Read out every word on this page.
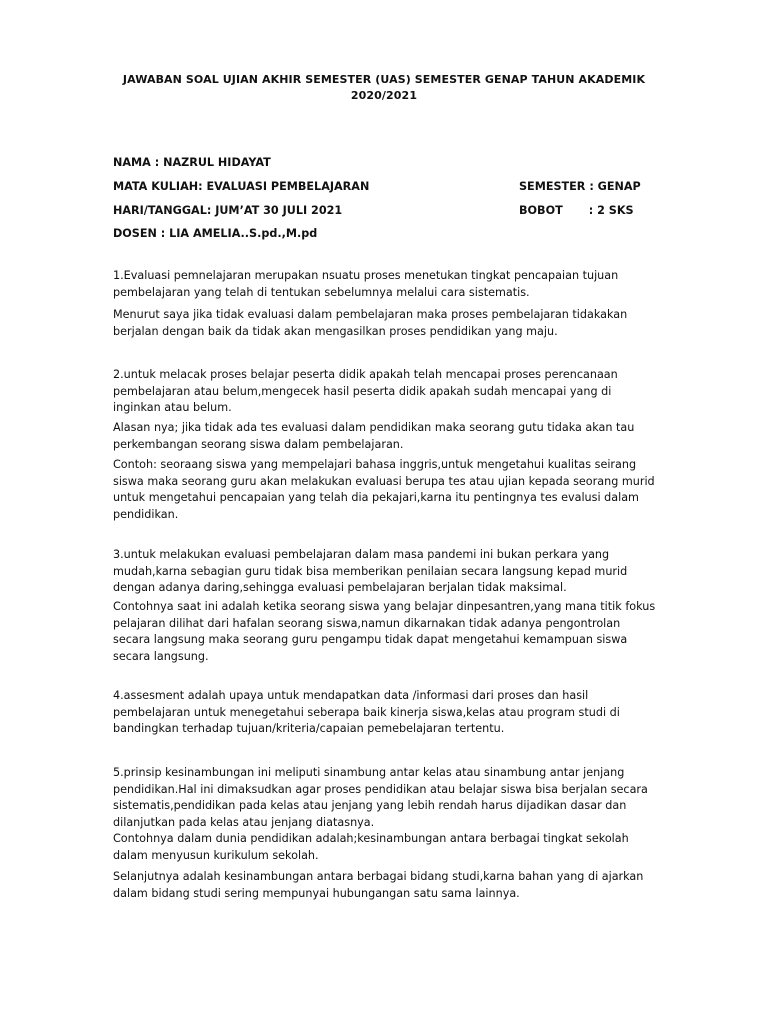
JAWABAN SOAL UJIAN AKHIR SEMESTER (UAS) SEMESTER GENAP TAHUN AKADEMIK
2020/2021
NAMA : NAZRUL HIDAYAT
MATA KULIAH: EVALUASI PEMBELAJARAN	SEMESTER : GENAP
HARI/TANGGAL: JUM’AT 30 JULI 2021	BOBOT : 2 SKS
DOSEN : LIA AMELIA..S.pd.,M.pd
1.Evaluasi pemnelajaran merupakan nsuatu proses menetukan tingkat pencapaian tujuan
pembelajaran yang telah di tentukan sebelumnya melalui cara sistematis.
Menurut saya jika tidak evaluasi dalam pembelajaran maka proses pembelajaran tidakakan
berjalan dengan baik da tidak akan mengasilkan proses pendidikan yang maju.
2.untuk melacak proses belajar peserta didik apakah telah mencapai proses perencanaan
pembelajaran atau belum,mengecek hasil peserta didik apakah sudah mencapai yang di
inginkan atau belum.
Alasan nya; jika tidak ada tes evaluasi dalam pendidikan maka seorang gutu tidaka akan tau
perkembangan seorang siswa dalam pembelajaran.
Contoh: seoraang siswa yang mempelajari bahasa inggris,untuk mengetahui kualitas seirang
siswa maka seorang guru akan melakukan evaluasi berupa tes atau ujian kepada seorang murid
untuk mengetahui pencapaian yang telah dia pekajari,karna itu pentingnya tes evalusi dalam
pendidikan.
3.untuk melakukan evaluasi pembelajaran dalam masa pandemi ini bukan perkara yang
mudah,karna sebagian guru tidak bisa memberikan penilaian secara langsung kepad murid
dengan adanya daring,sehingga evaluasi pembelajaran berjalan tidak maksimal.
Contohnya saat ini adalah ketika seorang siswa yang belajar dinpesantren,yang mana titik fokus
pelajaran dilihat dari hafalan seorang siswa,namun dikarnakan tidak adanya pengontrolan
secara langsung maka seorang guru pengampu tidak dapat mengetahui kemampuan siswa
secara langsung.
4.assesment adalah upaya untuk mendapatkan data /informasi dari proses dan hasil
pembelajaran untuk menegetahui seberapa baik kinerja siswa,kelas atau program studi di
bandingkan terhadap tujuan/kriteria/capaian pemebelajaran tertentu.
5.prinsip kesinambungan ini meliputi sinambung antar kelas atau sinambung antar jenjang
pendidikan.Hal ini dimaksudkan agar proses pendidikan atau belajar siswa bisa berjalan secara
sistematis,pendidikan pada kelas atau jenjang yang lebih rendah harus dijadikan dasar dan
dilanjutkan pada kelas atau jenjang diatasnya.
Contohnya dalam dunia pendidikan adalah;kesinambungan antara berbagai tingkat sekolah
dalam menyusun kurikulum sekolah.
Selanjutnya adalah kesinambungan antara berbagai bidang studi,karna bahan yang di ajarkan
dalam bidang studi sering mempunyai hubungangan satu sama lainnya.
